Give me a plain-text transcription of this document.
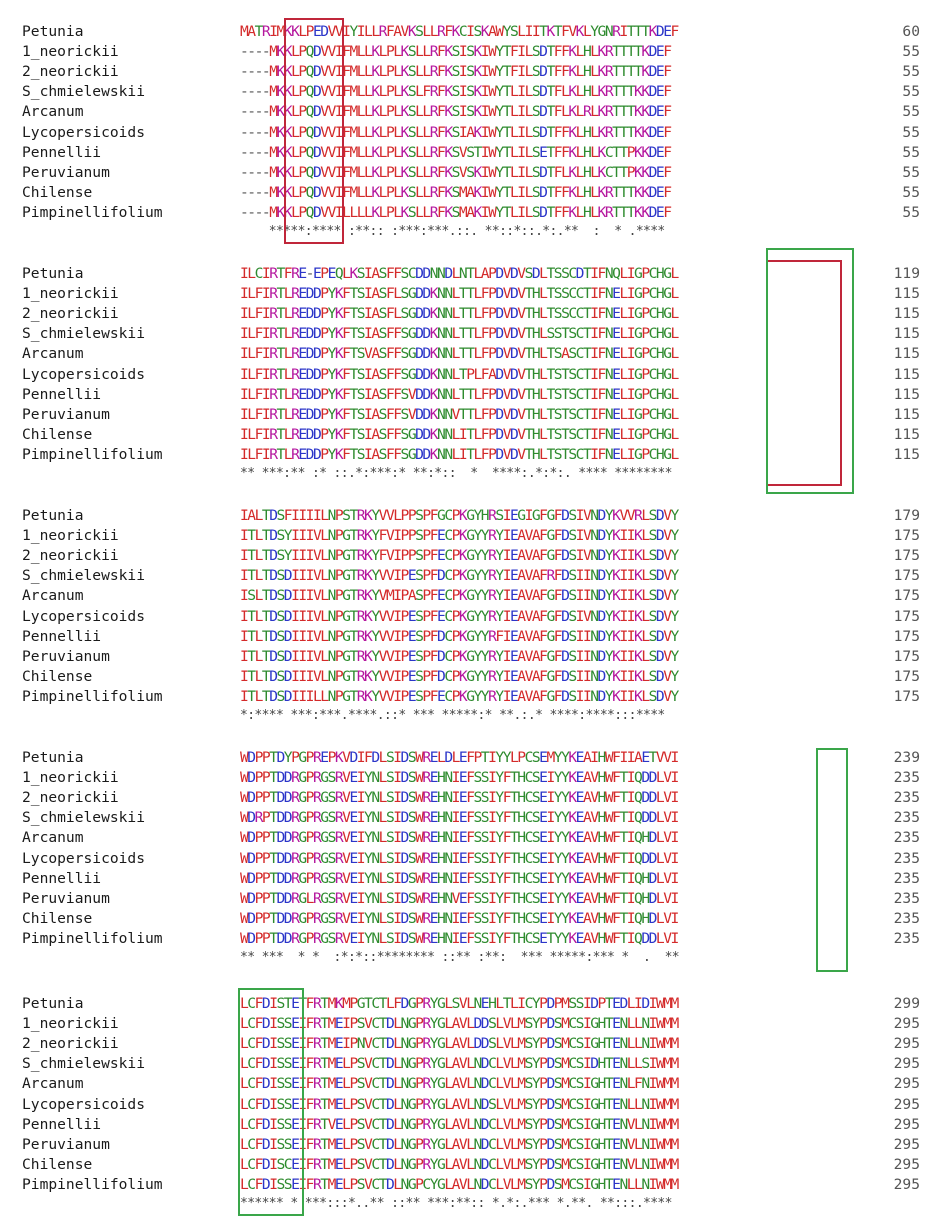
Petunia	MATRIMKKLPEDVVIYILLRFAVKSLLRFKCISKAWYSLIITKTFVKLYGNRITTTKDEF	60
1_neorickii	----MKKLPQDVVIFMLLKLPLKSLLRFKSISKIWYTFILSDTFFKLHLKRTTTTKDEF	55
2_neorickii	----MKKLPQDVVIFMLLKLPLKSLLRFKSISKIWYTFILSDTFFKLHLKRTTTTKDEF	55
S_chmielewskii	----MKKLPQDVVIFMLLKLPLKSLFRFKSISKIWYTLILSDTFLKLHLKRTTTKKDEF	55
Arcanum	----MKKLPQDVVIFMLLKLPLKSLLRFKSISKIWYTLILSDTFLKLRLKRTTTKKDEF	55
Lycopersicoids	----MKKLPQDVVIFMLLKLPLKSLLRFKSIAKIWYTLILSDTFFKLHLKRTTTKKDEF	55
Pennellii	----MKKLPQDVVIFMLLKLPLKSLLRFKSVSTIWYTLILSETFFKLHLKCTTPKKDEF	55
Peruvianum	----MKKLPQDVVIFMLLKLPLKSLLRFKSVSKIWYTLILSDTFLKLHLKCTTPKKDEF	55
Chilense	----MKKLPQDVVIFMLLKLPLKSLLRFKSMAKIWYTLILSDTFFKLHLKRTTTKKDEF	55
Pimpinellifolium	----MKKLPQDVVILLLLKLPLKSLLRFKSMAKIWYTLILSDTFFKLHLKRTTTKKDEF	55
*****:**** :**:: :***:***.::. **::*::.*:.**  :  * .****
Petunia	ILCIRTFRE-EPEQLKSIASFFSCDDNNDLNTLAPDVDVSDLTSSCDTIFNQLIGPCHGL	119
1_neorickii	ILFIRTLREDDPYKFTSIASFLSGDDKNNLTTLFPDVDVTHLTSSCCTIFNELIGPCHGL	115
2_neorickii	ILFIRTLREDDPYKFTSIASFLSGDDKNNLTTLFPDVDVTHLTSSCCTIFNELIGPCHGL	115
S_chmielewskii	ILFIRTLREDDPYKFTSIASFFSGDDKNNLTTLFPDVDVTHLSSTSCTIFNELIGPCHGL	115
Arcanum	ILFIRTLREDDPYKFTSVASFFSGDDKNNLTTLFPDVDVTHLTSASCTIFNELIGPCHGL	115
Lycopersicoids	ILFIRTLREDDPYKFTSIASFFSGDDKNNLTPLFADVDVTHLTSTSCTIFNELIGPCHGL	115
Pennellii	ILFIRTLREDDPYKFTSIASFFSVDDKNNLTTLFPDVDVTHLTSTSCTIFNELIGPCHGL	115
Peruvianum	ILFIRTLREDDPYKFTSIASFFSVDDKNNVTTLFPDVDVTHLTSTSCTIFNELIGPCHGL	115
Chilense	ILFIRTLREDDPYKFTSIASFFSGDDKNNLITLFPDVDVTHLTSTSCTIFNELIGPCHGL	115
Pimpinellifolium	ILFIRTLREDDPYKFTSIASFFSGDDKNNLITLFPDVDVTHLTSTSCTIFNELIGPCHGL	115
** ***:** :* ::.*:***:* **:*::  *  ****:.*:*:. **** ********
Petunia	IALTDSFIIIILNPSTRKYVVLPPSPFGCPKGYHRSIEGIGFGFDSIVNDYKVVRLSDVY	179
1_neorickii	ITLTDSYIIIVLNPGTRKYFVIPPSPFECPKGYYRYIEAVAFGFDSIVNDYKIIKLSDVY	175
2_neorickii	ITLTDSYIIIVLNPGTRKYFVIPPSPFECPKGYYRYIEAVAFGFDSIVNDYKIIKLSDVY	175
S_chmielewskii	ITLTDSDIIIVLNPGTRKYVVIPESPFDCPKGYYRYIEAVAFRFDSIINDYKIIKLSDVY	175
Arcanum	ISLTDSDIIIVLNPGTRKYVMIPASPFECPKGYYRYIEAVAFGFDSIINDYKIIKLSDVY	175
Lycopersicoids	ITLTDSDIIIVLNPGTRKYVVIPESPFECPKGYYRYIEAVAFGFDSIVNDYKIIKLSDVY	175
Pennellii	ITLTDSDIIIVLNPGTRKYVVIPESPFDCPKGYYRFIEAVAFGFDSIINDYKIIKLSDVY	175
Peruvianum	ITLTDSDIIIVLNPGTRKYVVIPESPFDCPKGYYRYIEAVAFGFDSIINDYKIIKLSDVY	175
Chilense	ITLTDSDIIIVLNPGTRKYVVIPESPFDCPKGYYRYIEAVAFGFDSIINDYKIIKLSDVY	175
Pimpinellifolium	ITLTDSDIIILLNPGTRKYVVIPESPFECPKGYYRYIEAVAFGFDSIINDYKIIKLSDVY	175
*:**** ***:***.****.::* *** *****:* **.:.* ****:****:::****
Petunia	WDPPTDYPGPREPKVDIFDLSIDSWRELDLEFPTIYYLPCSEMYYKEAIHWFIIAETVVI	239
1_neorickii	WDPPTDDRGPRGSRVEIYNLSIDSWREHNIEFSSIYFTHCSEIYYKEAVHWFTIQDDLVI	235
2_neorickii	WDPPTDDRGPRGSRVEIYNLSIDSWREHNIEFSSIYFTHCSEIYYKEAVHWFTIQDDLVI	235
S_chmielewskii	WDRPTDDRGPRGSRVEIYNLSIDSWREHNIEFSSIYFTHCSEIYYKEAVHWFTIQDDLVI	235
Arcanum	WDPPTDDRGPRGSRVEIYNLSIDSWREHNIEFSSIYFTHCSEIYYKEAVHWFTIQHDLVI	235
Lycopersicoids	WDPPTDDRGPRGSRVEIYNLSIDSWREHNIEFSSIYFTHCSEIYYKEAVHWFTIQDDLVI	235
Pennellii	WDPPTDDRGPRGSRVEIYNLSIDSWREHNIEFSSIYFTHCSEIYYKEAVHWFTIQHDLVI	235
Peruvianum	WDPPTDDRGLRGSRVEIYNLSIDSWREHNVEFSSIYFTHCSEIYYKEAVHWFTIQHDLVI	235
Chilense	WDPPTDDRGPRGSRVEIYNLSIDSWREHNIEFSSIYFTHCSEIYYKEAVHWFTIQHDLVI	235
Pimpinellifolium	WDPPTDDRGPRGSRVEIYNLSIDSWREHNIEFSSIYFTHCSETYYKEAVHWFTIQDDLVI	235
** ***  * *  :*:*::******** ::** :**:  *** *****:*** *  .  **
Petunia	LCFDISTETFRTMKMPGTCTLFDGPRYGLSVLNEHLTLICYPDPMSSIDPTEDLIDIWMM	299
1_neorickii	LCFDISSEIFRTMEIPSVCTDLNGPRYGLAVLDDSLVLMSYPDSMCSIGHTENLLNIWMM	295
2_neorickii	LCFDISSEIFRTMEIPNVCTDLNGPRYGLAVLDDSLVLMSYPDSMCSIGHTENLLNIWMM	295
S_chmielewskii	LCFDISSEIFRTMELPSVCTDLNGPRYGLAVLNDCLVLMSYPDSMCSIDHTENLLSIWMM	295
Arcanum	LCFDISSEIFRTMELPSVCTDLNGPRYGLAVLNDCLVLMSYPDSMCSIGHTENLFNIWMM	295
Lycopersicoids	LCFDISSEIFRTMELPSVCTDLNGPRYGLAVLNDSLVLMSYPDSMCSIGHTENLLNIWMM	295
Pennellii	LCFDISSEIFRTVELPSVCTDLNGPRYGLAVLNDCLVLMSYPDSMCSIGHTENVLNIWMM	295
Peruvianum	LCFDISSEIFRTMELPSVCTDLNGPRYGLAVLNDCLVLMSYPDSMCSIGHTENVLNIWMM	295
Chilense	LCFDISCEIFRTMELPSVCTDLNGPRYGLAVLNDCLVLMSYPDSMCSIGHTENVLNIWMM	295
Pimpinellifolium	LCFDISSEIFRTMELPSVCTDLNGPCYGLAVLNDCLVLMSYPDSMCSIGHTENLLNIWMM	295
****** * ***:::*..** ::** ***:**:: *.*:.*** *.**. **:::.****
